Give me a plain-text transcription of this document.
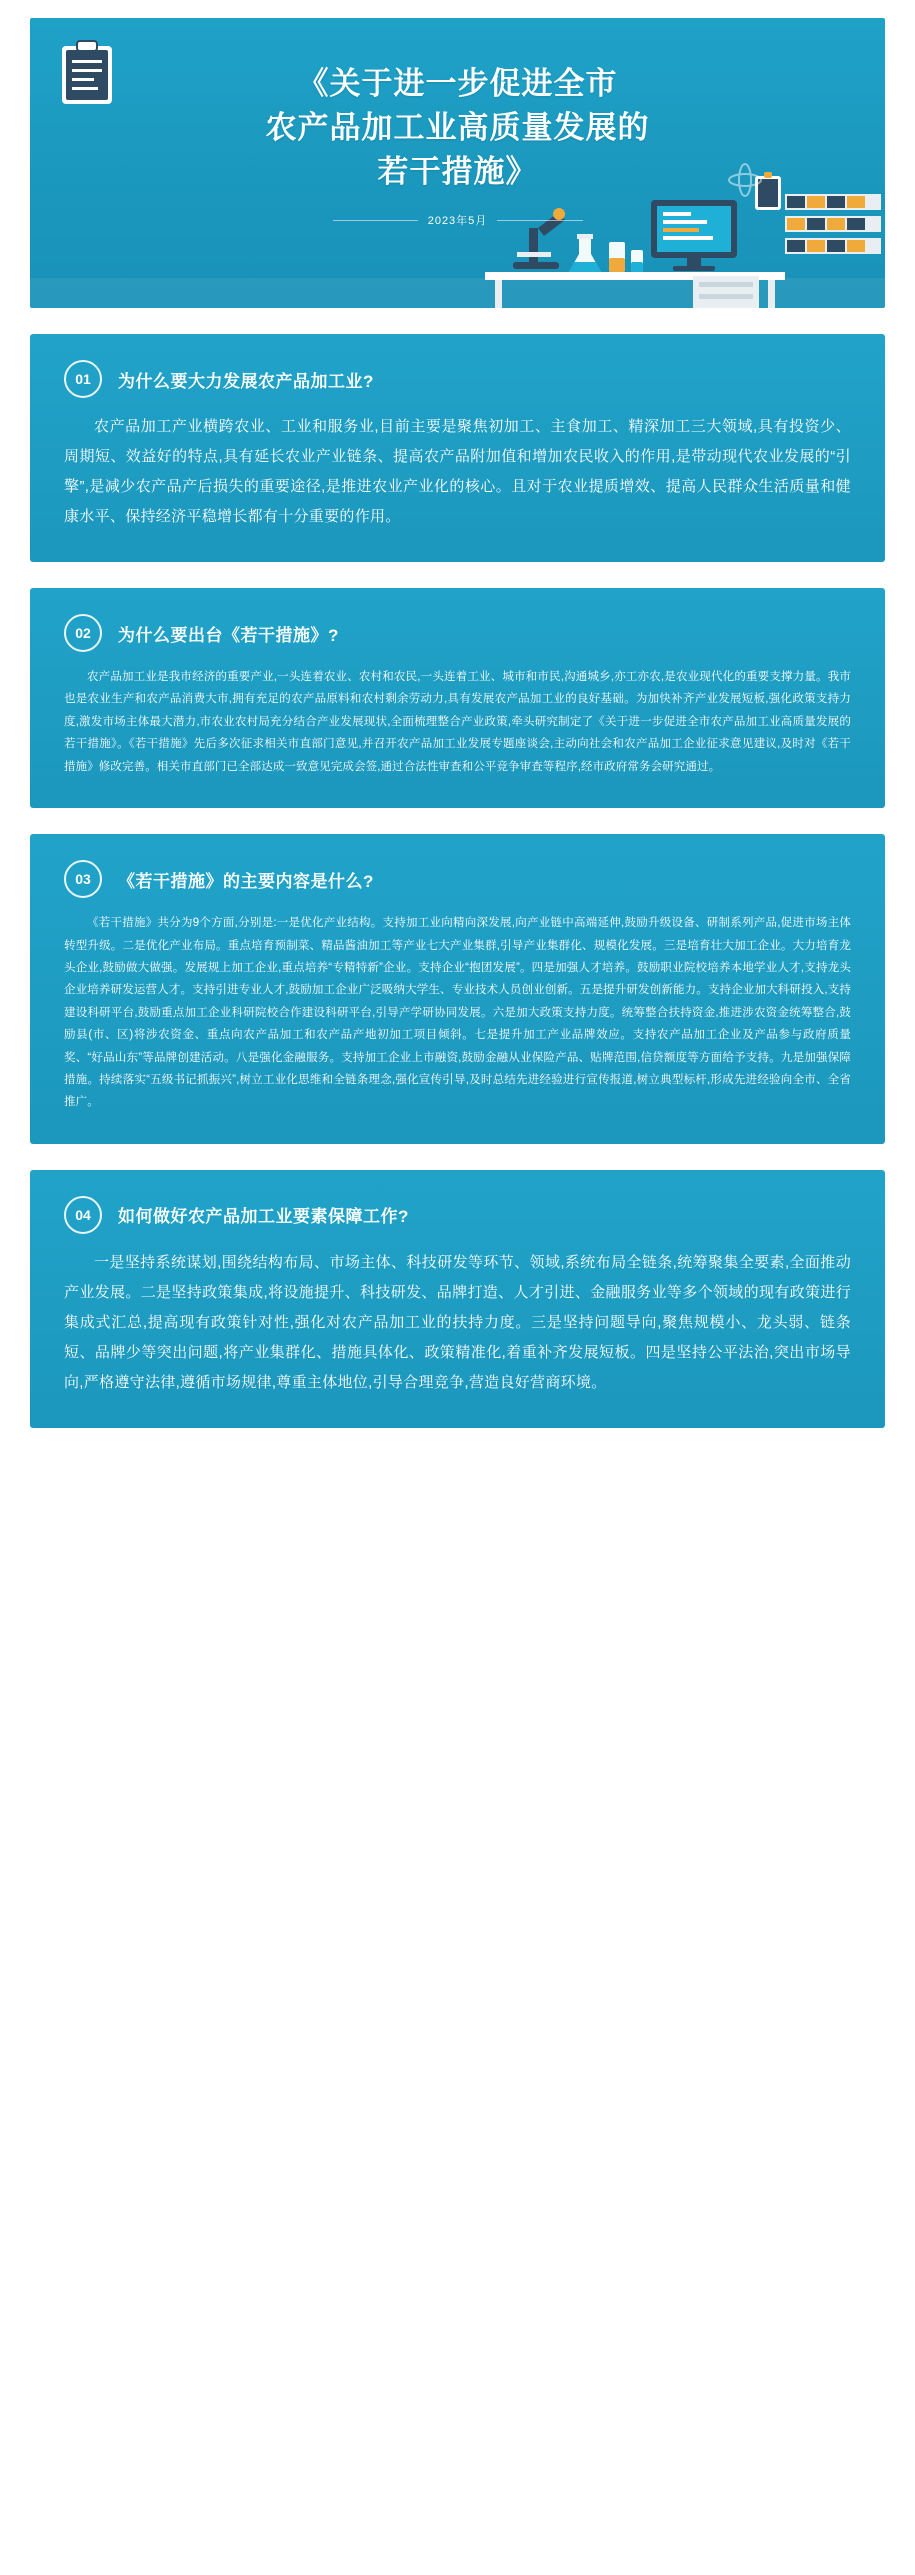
《关于进一步促进全市
农产品加工业高质量发展的
若干措施》
2023年5月
01	为什么要大力发展农产品加工业?
农产品加工产业横跨农业、工业和服务业,目前主要是聚焦初加工、主食加工、精深加工三大领域,具有投资少、周期短、效益好的特点,具有延长农业产业链条、提高农产品附加值和增加农民收入的作用,是带动现代农业发展的“引擎”,是减少农产品产后损失的重要途径,是推进农业产业化的核心。且对于农业提质增效、提高人民群众生活质量和健康水平、保持经济平稳增长都有十分重要的作用。
02	为什么要出台《若干措施》?
农产品加工业是我市经济的重要产业,一头连着农业、农村和农民,一头连着工业、城市和市民,沟通城乡,亦工亦农,是农业现代化的重要支撑力量。我市也是农业生产和农产品消费大市,拥有充足的农产品原料和农村剩余劳动力,具有发展农产品加工业的良好基础。为加快补齐产业发展短板,强化政策支持力度,激发市场主体最大潜力,市农业农村局充分结合产业发展现状,全面梳理整合产业政策,牵头研究制定了《关于进一步促进全市农产品加工业高质量发展的若干措施》。《若干措施》先后多次征求相关市直部门意见,并召开农产品加工业发展专题座谈会,主动向社会和农产品加工企业征求意见建议,及时对《若干措施》修改完善。相关市直部门已全部达成一致意见完成会签,通过合法性审查和公平竞争审查等程序,经市政府常务会研究通过。
03	《若干措施》的主要内容是什么?
《若干措施》共分为9个方面,分别是:一是优化产业结构。支持加工业向精向深发展,向产业链中高端延伸,鼓励升级设备、研制系列产品,促进市场主体转型升级。二是优化产业布局。重点培育预制菜、精品酱油加工等产业七大产业集群,引导产业集群化、规模化发展。三是培育壮大加工企业。大力培育龙头企业,鼓励做大做强。发展规上加工企业,重点培养“专精特新”企业。支持企业“抱团发展”。四是加强人才培养。鼓励职业院校培养本地学业人才,支持龙头企业培养研发运营人才。支持引进专业人才,鼓励加工企业广泛吸纳大学生、专业技术人员创业创新。五是提升研发创新能力。支持企业加大科研投入,支持建设科研平台,鼓励重点加工企业科研院校合作建设科研平台,引导产学研协同发展。六是加大政策支持力度。统筹整合扶持资金,推进涉农资金统筹整合,鼓励县(市、区)将涉农资金、重点向农产品加工和农产品产地初加工项目倾斜。七是提升加工产业品牌效应。支持农产品加工企业及产品参与政府质量奖、“好品山东”等品牌创建活动。八是强化金融服务。支持加工企业上市融资,鼓励金融从业保险产品、贴牌范围,信贷额度等方面给予支持。九是加强保障措施。持续落实“五级书记抓振兴”,树立工业化思维和全链条理念,强化宣传引导,及时总结先进经验进行宣传报道,树立典型标杆,形成先进经验向全市、全省推广。
04	如何做好农产品加工业要素保障工作?
一是坚持系统谋划,围绕结构布局、市场主体、科技研发等环节、领域,系统布局全链条,统筹聚集全要素,全面推动产业发展。二是坚持政策集成,将设施提升、科技研发、品牌打造、人才引进、金融服务业等多个领域的现有政策进行集成式汇总,提高现有政策针对性,强化对农产品加工业的扶持力度。三是坚持问题导向,聚焦规模小、龙头弱、链条短、品牌少等突出问题,将产业集群化、措施具体化、政策精准化,着重补齐发展短板。四是坚持公平法治,突出市场导向,严格遵守法律,遵循市场规律,尊重主体地位,引导合理竞争,营造良好营商环境。
